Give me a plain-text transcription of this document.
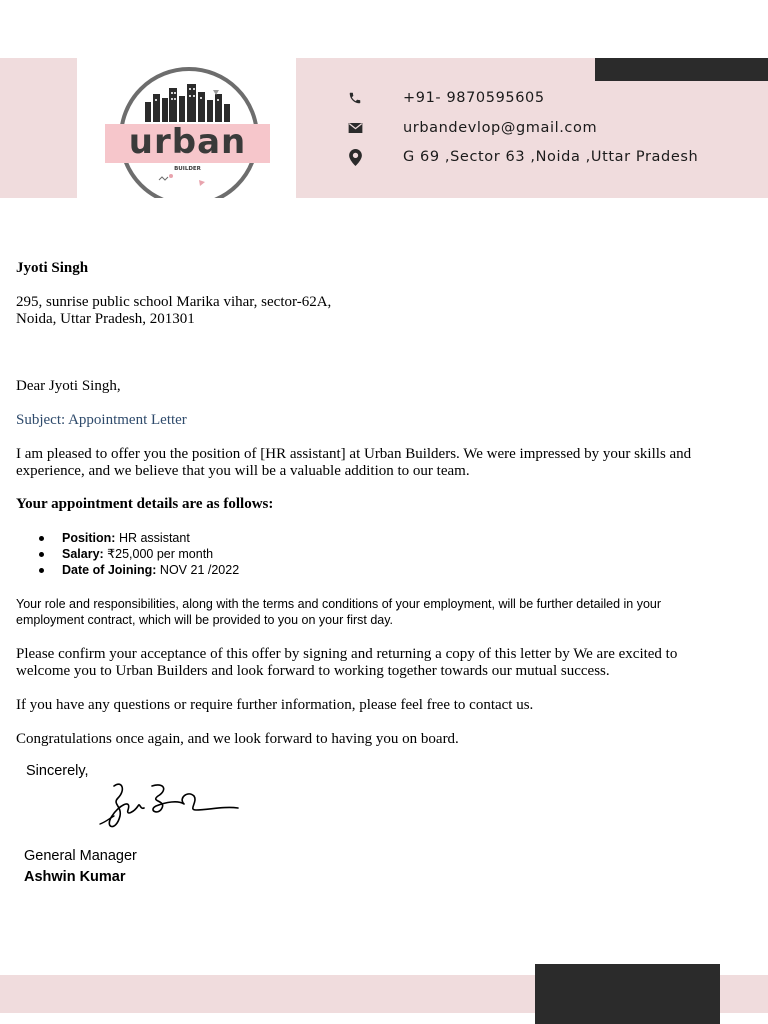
urban
BUILDER
+91- 9870595605
urbandevlop@gmail.com
G 69 ,Sector 63 ,Noida ,Uttar Pradesh
Jyoti Singh
295, sunrise public school Marika vihar, sector-62A,
Noida, Uttar Pradesh, 201301
Dear Jyoti Singh,
Subject: Appointment Letter
I am pleased to offer you the position of [HR assistant] at Urban Builders. We were impressed by your skills and
experience, and we believe that you will be a valuable addition to our team.
Your appointment details are as follows:
Position: HR assistant
Salary: ₹25,000 per month
Date of Joining: NOV 21 /2022
Your role and responsibilities, along with the terms and conditions of your employment, will be further detailed in your
employment contract, which will be provided to you on your first day.
Please confirm your acceptance of this offer by signing and returning a copy of this letter by We are excited to
welcome you to Urban Builders and look forward to working together towards our mutual success.
If you have any questions or require further information, please feel free to contact us.
Congratulations once again, and we look forward to having you on board.
Sincerely,
General Manager
Ashwin Kumar
